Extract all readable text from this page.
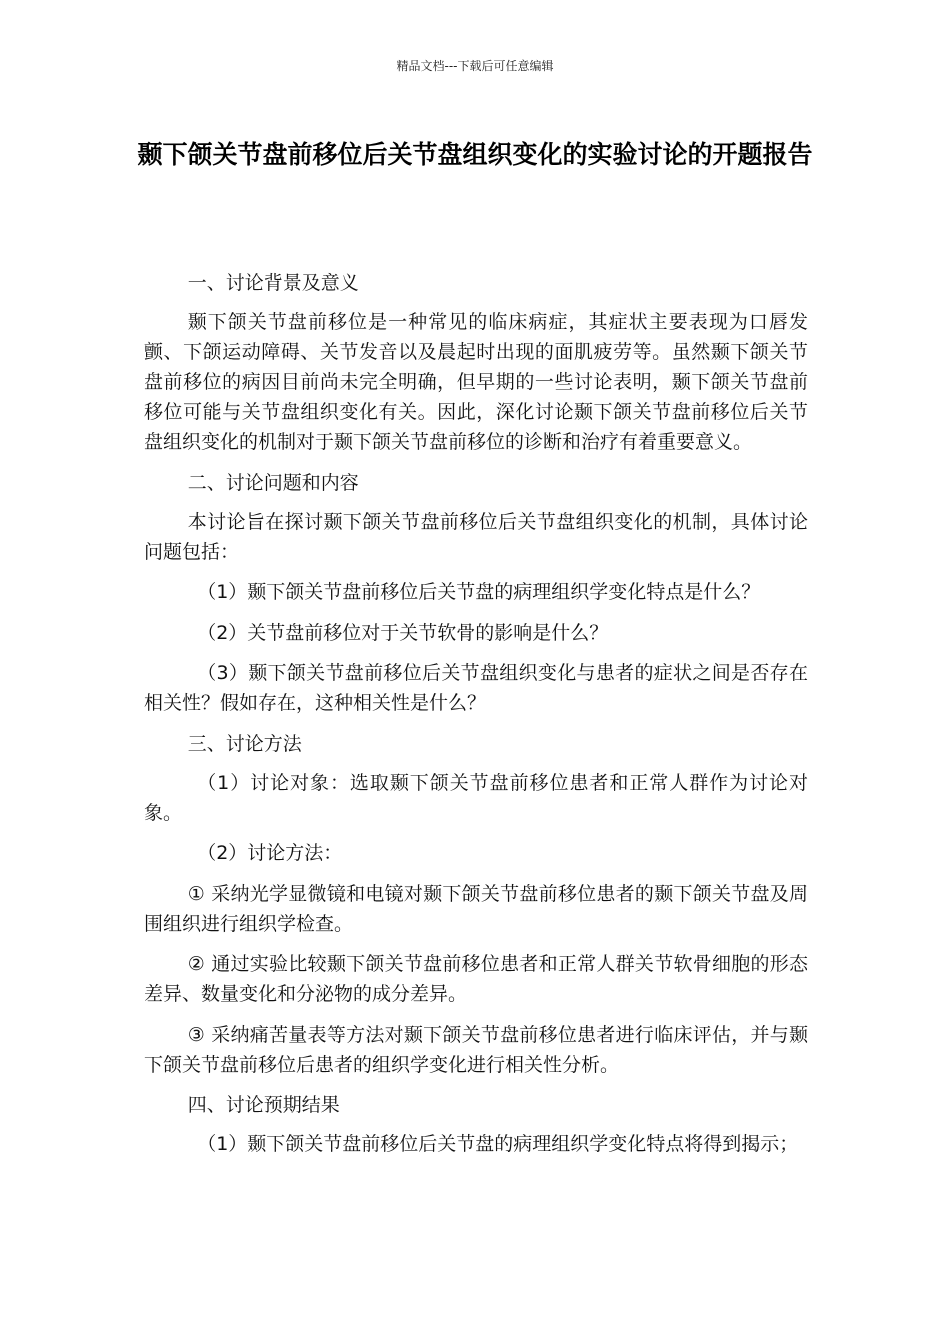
精品文档---下载后可任意编辑
颞下颌关节盘前移位后关节盘组织变化的实验讨论的开题报告

一、讨论背景及意义

颞下颌关节盘前移位是一种常见的临床病症，其症状主要表现为口唇发颤、下颌运动障碍、关节发音以及晨起时出现的面肌疲劳等。虽然颞下颌关节盘前移位的病因目前尚未完全明确，但早期的一些讨论表明，颞下颌关节盘前移位可能与关节盘组织变化有关。因此，深化讨论颞下颌关节盘前移位后关节盘组织变化的机制对于颞下颌关节盘前移位的诊断和治疗有着重要意义。

二、讨论问题和内容

本讨论旨在探讨颞下颌关节盘前移位后关节盘组织变化的机制，具体讨论问题包括：

（1）颞下颌关节盘前移位后关节盘的病理组织学变化特点是什么？

（2）关节盘前移位对于关节软骨的影响是什么？

（3）颞下颌关节盘前移位后关节盘组织变化与患者的症状之间是否存在相关性？假如存在，这种相关性是什么？

三、讨论方法

（1）讨论对象：选取颞下颌关节盘前移位患者和正常人群作为讨论对象。

（2）讨论方法：

① 采纳光学显微镜和电镜对颞下颌关节盘前移位患者的颞下颌关节盘及周围组织进行组织学检查。

② 通过实验比较颞下颌关节盘前移位患者和正常人群关节软骨细胞的形态差异、数量变化和分泌物的成分差异。

③ 采纳痛苦量表等方法对颞下颌关节盘前移位患者进行临床评估，并与颞下颌关节盘前移位后患者的组织学变化进行相关性分析。

四、讨论预期结果

（1）颞下颌关节盘前移位后关节盘的病理组织学变化特点将得到揭示；
